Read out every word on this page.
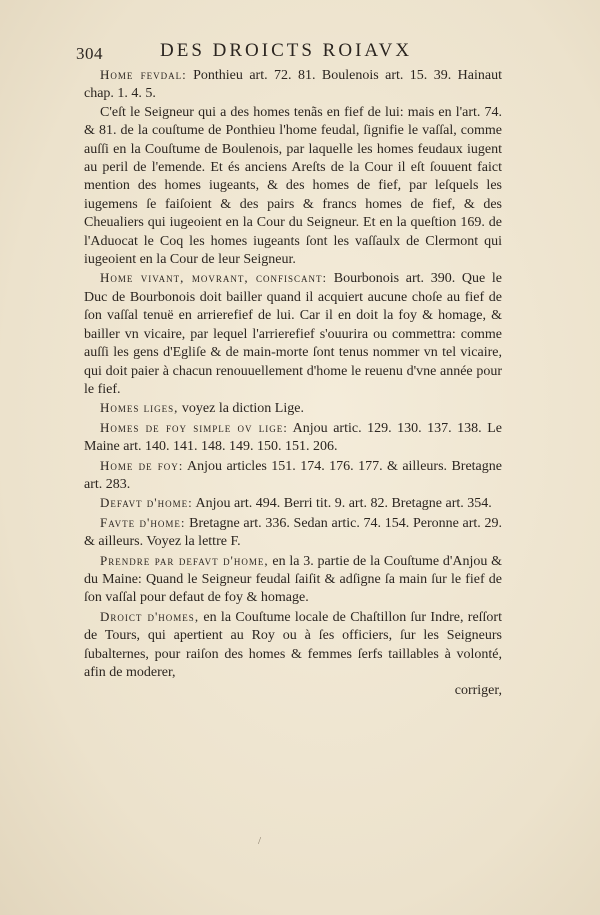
304	DES DROICTS ROIAVX

Home fevdal: Ponthieu art. 72. 81. Boulenois art. 15. 39. Hainaut chap. 1. 4. 5.

C'eſt le Seigneur qui a des homes tenãs en fief de lui: mais en l'art. 74. & 81. de la couſtume de Ponthieu l'home feudal, ſignifie le vaſſal, comme auſſi en la Couſtume de Boulenois, par laquelle les homes feudaux iugent au peril de l'emende. Et és anciens Areſts de la Cour il eſt ſouuent faict mention des homes iugeants, & des homes de fief, par leſquels les iugemens ſe faiſoient & des pairs & francs homes de fief, & des Cheualiers qui iugeoient en la Cour du Seigneur. Et en la queſtion 169. de l'Aduocat le Coq les homes iugeants ſont les vaſſaulx de Clermont qui iugeoient en la Cour de leur Seigneur.

Home vivant, movrant, confiscant: Bourbonois art. 390. Que le Duc de Bourbonois doit bailler quand il acquiert aucune choſe au fief de ſon vaſſal tenuë en arrierefief de lui. Car il en doit la foy & homage, & bailler vn vicaire, par lequel l'arrierefief s'ouurira ou commettra: comme auſſi les gens d'Egliſe & de main-morte ſont tenus nommer vn tel vicaire, qui doit paier à chacun renouuellement d'home le reuenu d'vne année pour le fief.

Homes liges, voyez la diction Lige.

Homes de foy simple ov lige: Anjou artic. 129. 130. 137. 138. Le Maine art. 140. 141. 148. 149. 150. 151. 206.

Home de foy: Anjou articles 151. 174. 176. 177. & ailleurs. Bretagne art. 283.

Defavt d'home: Anjou art. 494. Berri tit. 9. art. 82. Bretagne art. 354.

Favte d'home: Bretagne art. 336. Sedan artic. 74. 154. Peronne art. 29. & ailleurs. Voyez la lettre F.

Prendre par defavt d'home, en la 3. partie de la Couſtume d'Anjou & du Maine: Quand le Seigneur feudal ſaiſit & adſigne ſa main ſur le fief de ſon vaſſal pour defaut de foy & homage.

Droict d'homes, en la Couſtume locale de Chaſtillon ſur Indre, reſſort de Tours, qui apertient au Roy ou à ſes officiers, ſur les Seigneurs ſubalternes, pour raiſon des homes & femmes ſerfs taillables à volonté, afin de moderer,

corriger,
/
